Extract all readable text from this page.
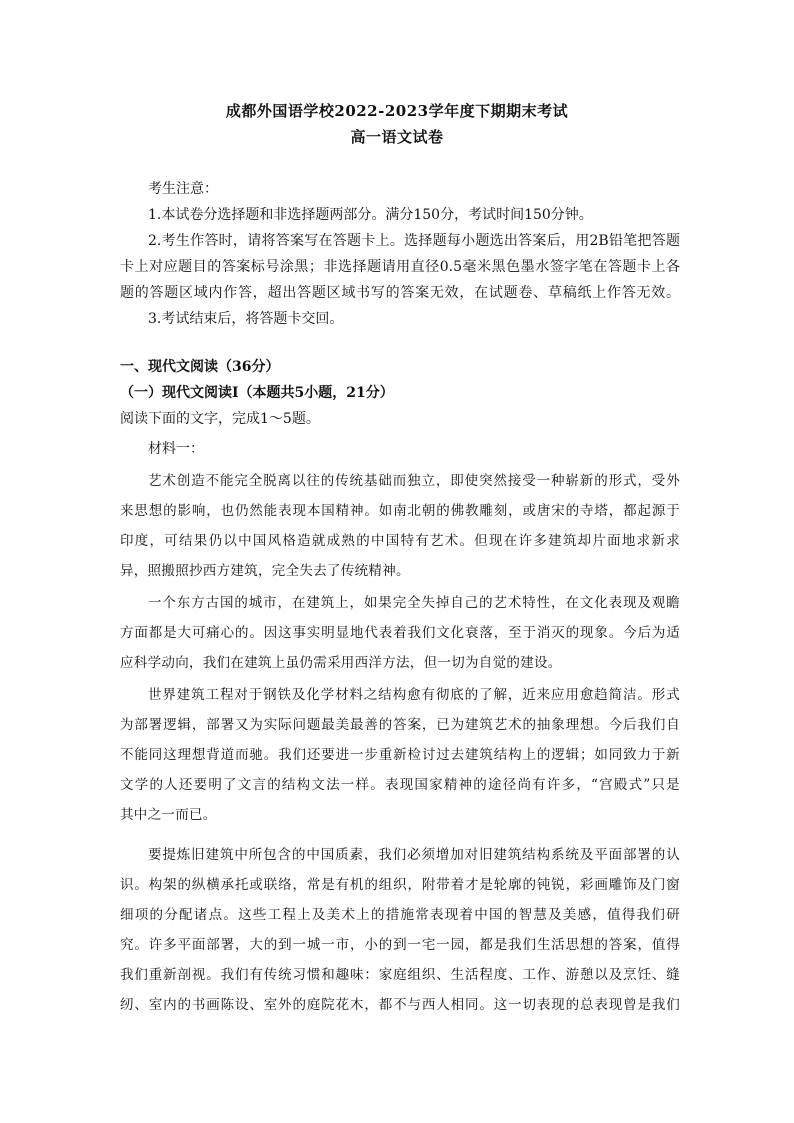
成都外国语学校2022-2023学年度下期期末考试
高一语文试卷
考生注意：
1.本试卷分选择题和非选择题两部分。满分150分，考试时间150分钟。
2.考生作答时，请将答案写在答题卡上。选择题每小题选出答案后，用2B铅笔把答题
卡上对应题目的答案标号涂黑；非选择题请用直径0.5毫米黑色墨水签字笔在答题卡上各
题的答题区域内作答，超出答题区域书写的答案无效，在试题卷、草稿纸上作答无效。
3.考试结束后，将答题卡交回。
一、现代文阅读（36分）
（一）现代文阅读Ⅰ（本题共5小题，21分）
阅读下面的文字，完成1～5题。
材料一：
艺术创造不能完全脱离以往的传统基础而独立，即使突然接受一种崭新的形式，受外
来思想的影响，也仍然能表现本国精神。如南北朝的佛教雕刻，或唐宋的寺塔，都起源于
印度，可结果仍以中国风格造就成熟的中国特有艺术。但现在许多建筑却片面地求新求
异，照搬照抄西方建筑，完全失去了传统精神。
一个东方古国的城市，在建筑上，如果完全失掉自己的艺术特性，在文化表现及观瞻
方面都是大可痛心的。因这事实明显地代表着我们文化衰落，至于消灭的现象。今后为适
应科学动向，我们在建筑上虽仍需采用西洋方法，但一切为自觉的建设。
世界建筑工程对于钢铁及化学材料之结构愈有彻底的了解，近来应用愈趋简洁。形式
为部署逻辑，部署又为实际问题最美最善的答案，已为建筑艺术的抽象理想。今后我们自
不能同这理想背道而驰。我们还要进一步重新检讨过去建筑结构上的逻辑；如同致力于新
文学的人还要明了文言的结构文法一样。表现国家精神的途径尚有许多，“宫殿式”只是
其中之一而已。
要提炼旧建筑中所包含的中国质素，我们必须增加对旧建筑结构系统及平面部署的认
识。构架的纵横承托或联络，常是有机的组织，附带着才是轮廓的钝锐，彩画雕饰及门窗
细项的分配诸点。这些工程上及美术上的措施常表现着中国的智慧及美感，值得我们研
究。许多平面部署，大的到一城一市，小的到一宅一园，都是我们生活思想的答案，值得
我们重新剖视。我们有传统习惯和趣味：家庭组织、生活程度、工作、游憩以及烹饪、缝
纫、室内的书画陈设、室外的庭院花木，都不与西人相同。这一切表现的总表现曾是我们
